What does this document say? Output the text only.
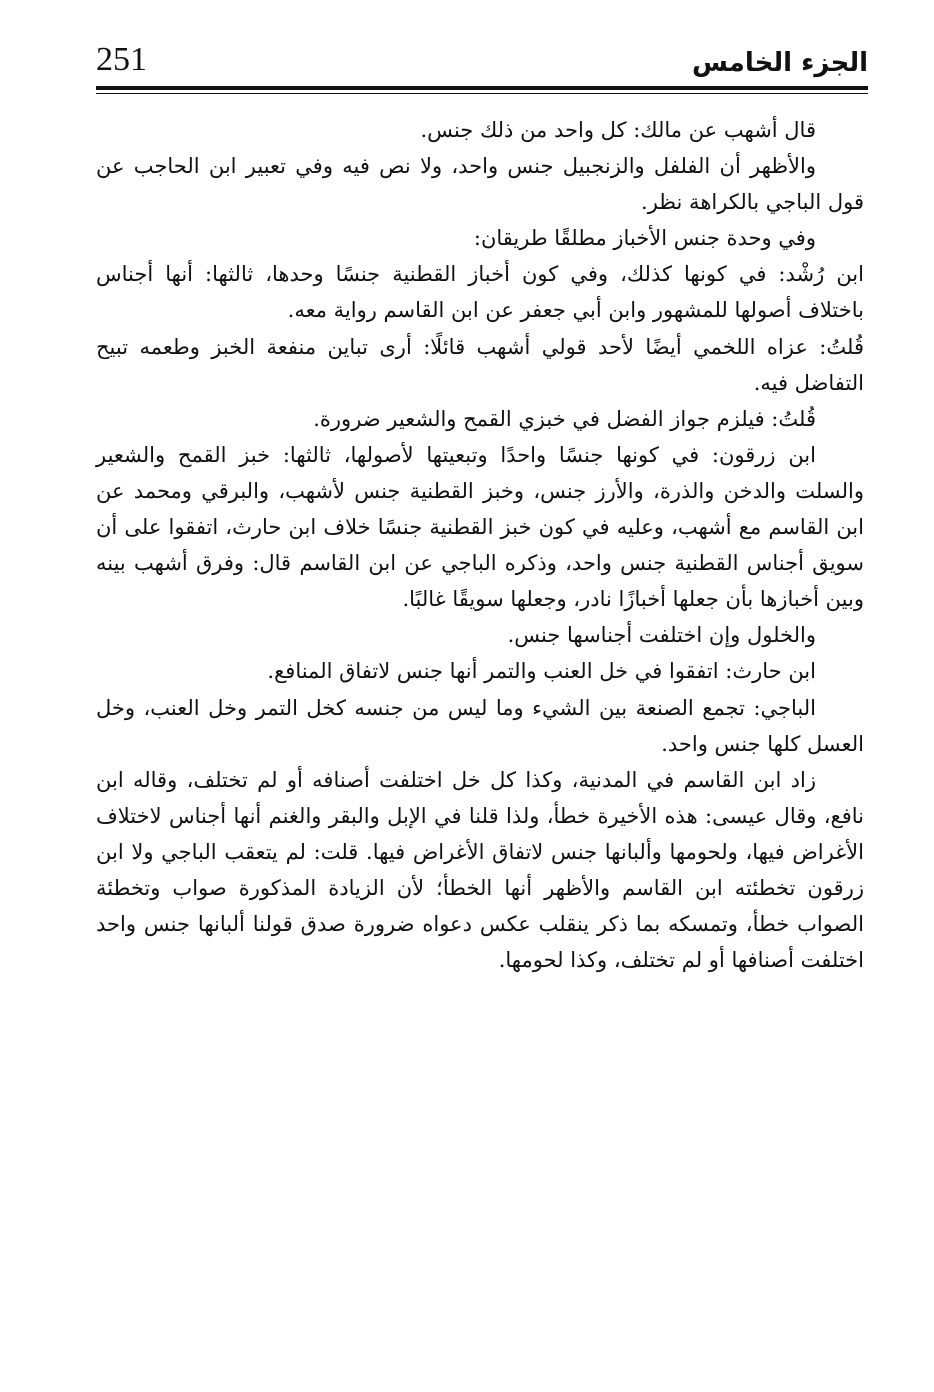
251	الجزء الخامس

قال أشهب عن مالك: كل واحد من ذلك جنس.

والأظهر أن الفلفل والزنجبيل جنس واحد، ولا نص فيه وفي تعبير ابن الحاجب عن قول الباجي بالكراهة نظر.

وفي وحدة جنس الأخباز مطلقًا طريقان:

ابن رُشْد: في كونها كذلك، وفي كون أخباز القطنية جنسًا وحدها، ثالثها: أنها أجناس باختلاف أصولها للمشهور وابن أبي جعفر عن ابن القاسم رواية معه.

قُلتُ: عزاه اللخمي أيضًا لأحد قولي أشهب قائلًا: أرى تباين منفعة الخبز وطعمه تبيح التفاضل فيه.

قُلتُ: فيلزم جواز الفضل في خبزي القمح والشعير ضرورة.

ابن زرقون: في كونها جنسًا واحدًا وتبعيتها لأصولها، ثالثها: خبز القمح والشعير والسلت والدخن والذرة، والأرز جنس، وخبز القطنية جنس لأشهب، والبرقي ومحمد عن ابن القاسم مع أشهب، وعليه في كون خبز القطنية جنسًا خلاف ابن حارث، اتفقوا على أن سويق أجناس القطنية جنس واحد، وذكره الباجي عن ابن القاسم قال: وفرق أشهب بينه وبين أخبازها بأن جعلها أخبازًا نادر، وجعلها سويقًا غالبًا.

والخلول وإن اختلفت أجناسها جنس.

ابن حارث: اتفقوا في خل العنب والتمر أنها جنس لاتفاق المنافع.

الباجي: تجمع الصنعة بين الشيء وما ليس من جنسه كخل التمر وخل العنب، وخل العسل كلها جنس واحد.

زاد ابن القاسم في المدنية، وكذا كل خل اختلفت أصنافه أو لم تختلف، وقاله ابن نافع، وقال عيسى: هذه الأخيرة خطأ، ولذا قلنا في الإبل والبقر والغنم أنها أجناس لاختلاف الأغراض فيها، ولحومها وألبانها جنس لاتفاق الأغراض فيها. قلت: لم يتعقب الباجي ولا ابن زرقون تخطئته ابن القاسم والأظهر أنها الخطأ؛ لأن الزيادة المذكورة صواب وتخطئة الصواب خطأ، وتمسكه بما ذكر ينقلب عكس دعواه ضرورة صدق قولنا ألبانها جنس واحد اختلفت أصنافها أو لم تختلف، وكذا لحومها.
